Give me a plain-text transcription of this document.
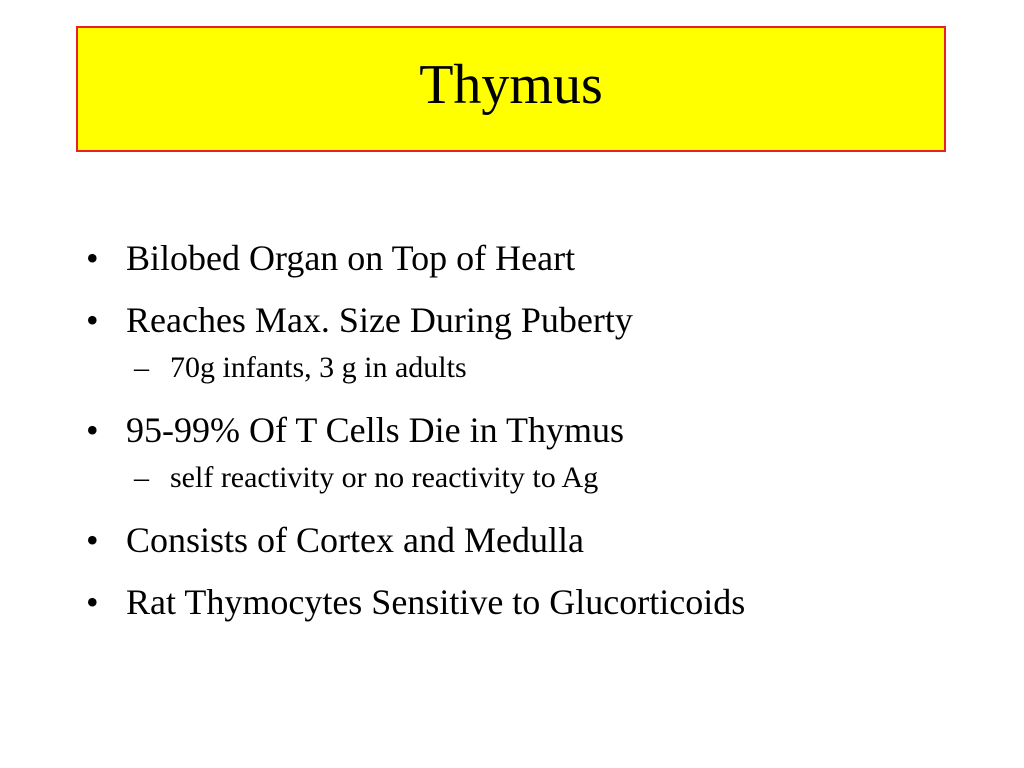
Thymus
• Bilobed Organ on Top of Heart
• Reaches Max. Size During Puberty
– 70g infants, 3 g in adults
• 95-99% Of T Cells Die in Thymus
– self reactivity or no reactivity to Ag
• Consists of Cortex and Medulla
• Rat Thymocytes Sensitive to Glucorticoids
